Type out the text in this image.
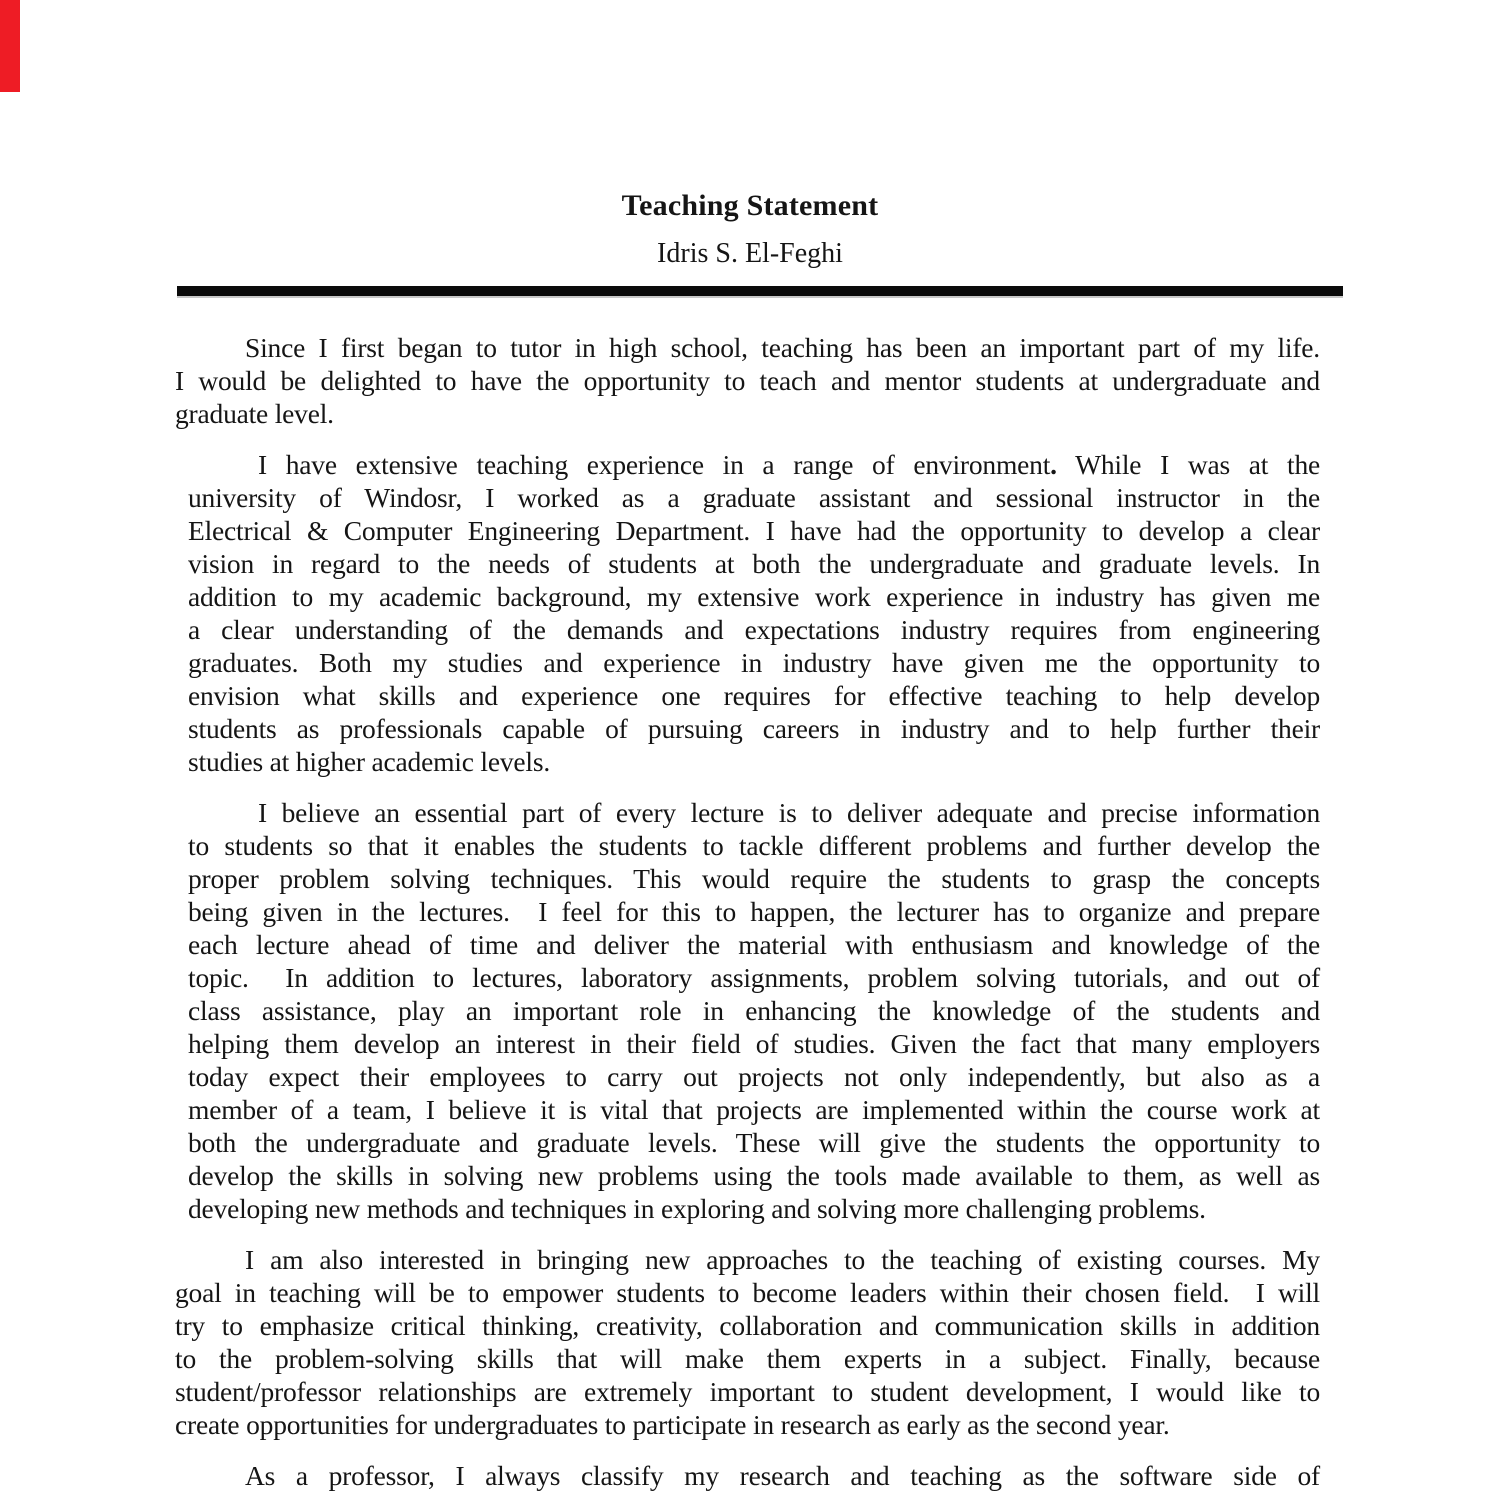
Teaching Statement
Idris S. El-Feghi
Since I first began to tutor in high school, teaching has been an important part of my life.
I would be delighted to have the opportunity to teach and mentor students at undergraduate and
graduate level.
I have extensive teaching experience in a range of environment. While I was at the
university of Windosr, I worked as a graduate assistant and sessional instructor in the
Electrical & Computer Engineering Department. I have had the opportunity to develop a clear
vision in regard to the needs of students at both the undergraduate and graduate levels. In
addition to my academic background, my extensive work experience in industry has given me
a clear understanding of the demands and expectations industry requires from engineering
graduates. Both my studies and experience in industry have given me the opportunity to
envision what skills and experience one requires for effective teaching to help develop
students as professionals capable of pursuing careers in industry and to help further their
studies at higher academic levels.
I believe an essential part of every lecture is to deliver adequate and precise information
to students so that it enables the students to tackle different problems and further develop the
proper problem solving techniques. This would require the students to grasp the concepts
being given in the lectures.  I feel for this to happen, the lecturer has to organize and prepare
each lecture ahead of time and deliver the material with enthusiasm and knowledge of the
topic.  In addition to lectures, laboratory assignments, problem solving tutorials, and out of
class assistance, play an important role in enhancing the knowledge of the students and
helping them develop an interest in their field of studies. Given the fact that many employers
today expect their employees to carry out projects not only independently, but also as a
member of a team, I believe it is vital that projects are implemented within the course work at
both the undergraduate and graduate levels. These will give the students the opportunity to
develop the skills in solving new problems using the tools made available to them, as well as
developing new methods and techniques in exploring and solving more challenging problems.
I am also interested in bringing new approaches to the teaching of existing courses. My
goal in teaching will be to empower students to become leaders within their chosen field.  I will
try to emphasize critical thinking, creativity, collaboration and communication skills in addition
to the problem-solving skills that will make them experts in a subject. Finally, because
student/professor relationships are extremely important to student development, I would like to
create opportunities for undergraduates to participate in research as early as the second year.
As a professor, I always classify my research and teaching as the software side of
